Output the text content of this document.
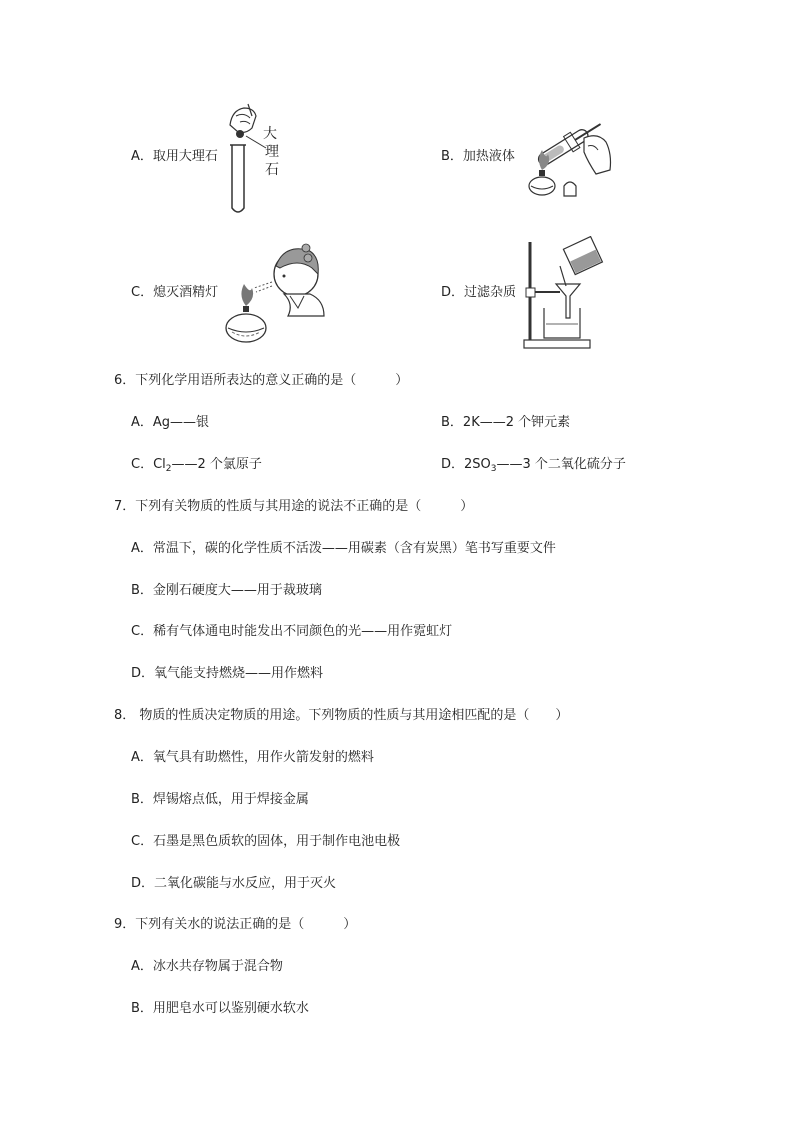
A．取用大理石
大
理
石
B．加热液体
C．熄灭酒精灯	D．过滤杂质
6．下列化学用语所表达的意义正确的是（　　　）
A．Ag——银	B．2K——2 个钾元素
C．$Cl_2——2$ 个氯原子	D．$2SO_3——3$ 个二氧化硫分子
7．下列有关物质的性质与其用途的说法不正确的是（　　　）
A．常温下，碳的化学性质不活泼——用碳素（含有炭黑）笔书写重要文件
B．金刚石硬度大——用于裁玻璃
C．稀有气体通电时能发出不同颜色的光——用作霓虹灯
D．氧气能支持燃烧——用作燃料
8． 物质的性质决定物质的用途。下列物质的性质与其用途相匹配的是（　　）
A．氧气具有助燃性，用作火箭发射的燃料
B．焊锡熔点低，用于焊接金属
C．石墨是黑色质软的固体，用于制作电池电极
D．二氧化碳能与水反应，用于灭火
9．下列有关水的说法正确的是（　　　）
A．冰水共存物属于混合物
B．用肥皂水可以鉴别硬水软水
